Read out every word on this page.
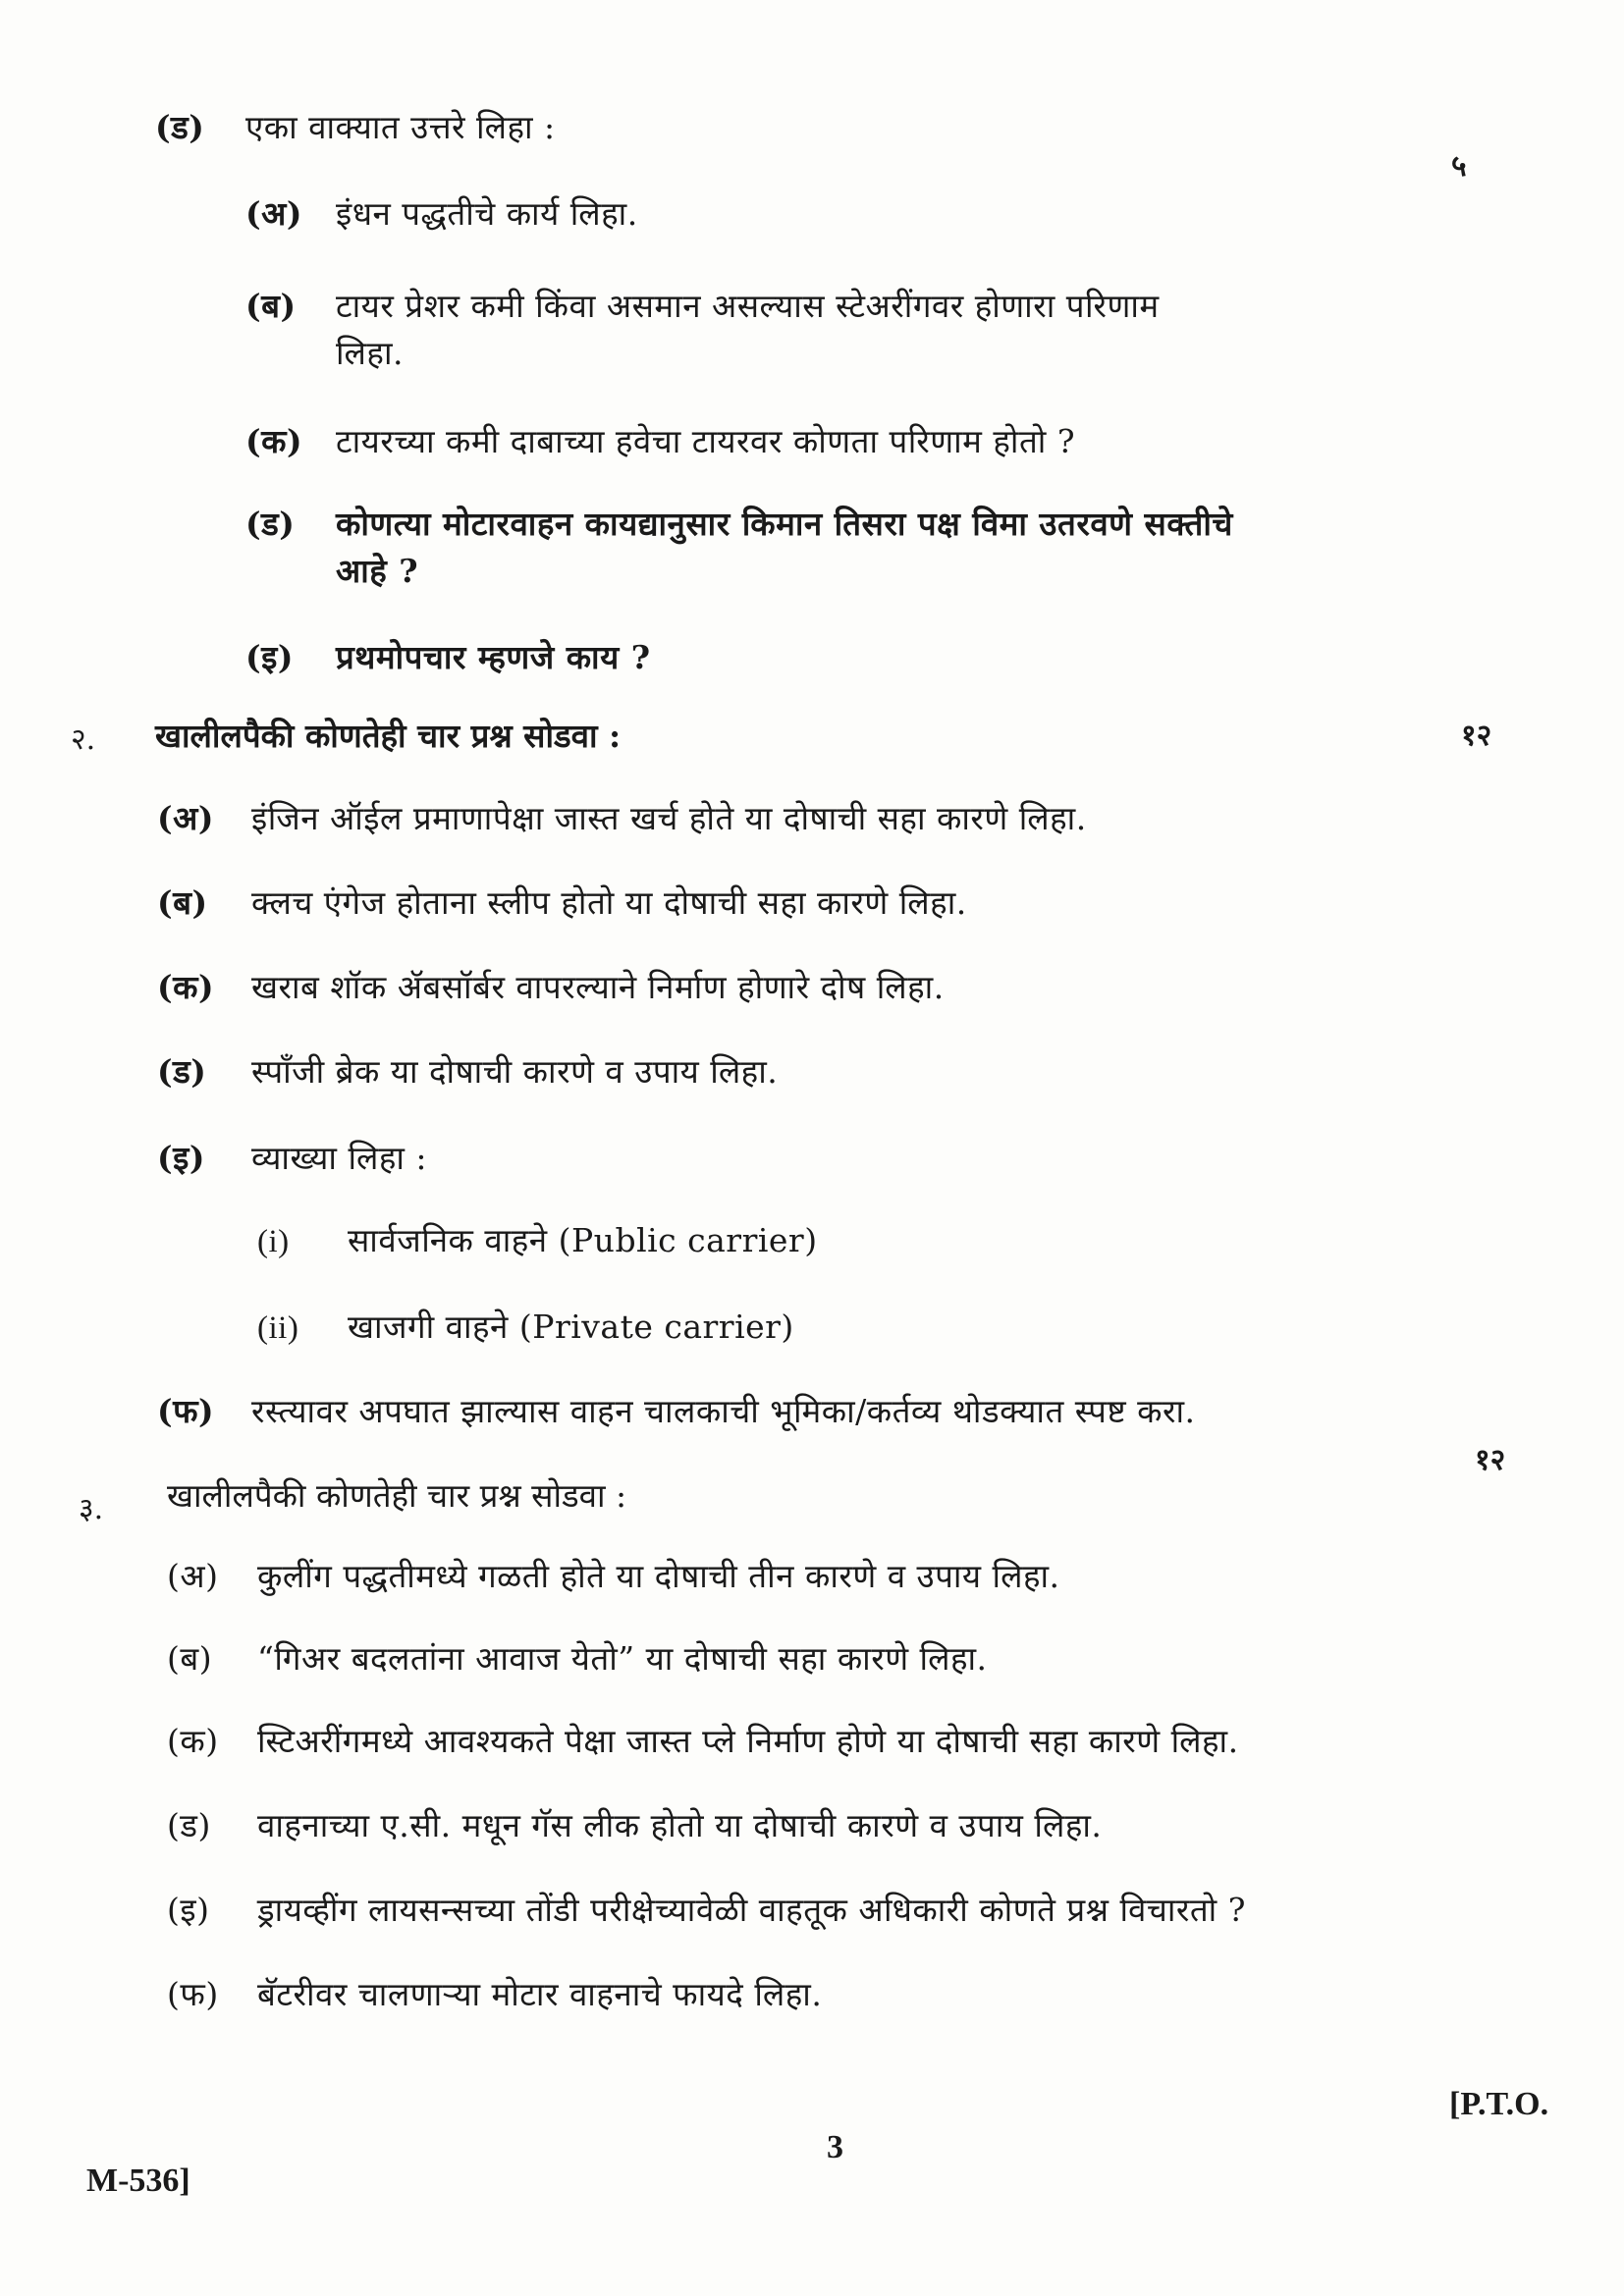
(ड) एका वाक्यात उत्तरे लिहा :
५
(अ) इंधन पद्धतीचे कार्य लिहा.
(ब) टायर प्रेशर कमी किंवा असमान असल्यास स्टेअरींगवर होणारा परिणाम
लिहा.
(क) टायरच्या कमी दाबाच्या हवेचा टायरवर कोणता परिणाम होतो ?
(ड) कोणत्या मोटारवाहन कायद्यानुसार किमान तिसरा पक्ष विमा उतरवणे सक्तीचे
आहे ?
(इ) प्रथमोपचार म्हणजे काय ?
२. खालीलपैकी कोणतेही चार प्रश्न सोडवा :	१२
(अ) इंजिन ऑईल प्रमाणापेक्षा जास्त खर्च होते या दोषाची सहा कारणे लिहा.
(ब) क्लच एंगेज होताना स्लीप होतो या दोषाची सहा कारणे लिहा.
(क) खराब शॉक ॲबसॉर्बर वापरल्याने निर्माण होणारे दोष लिहा.
(ड) स्पाँजी ब्रेक या दोषाची कारणे व उपाय लिहा.
(इ) व्याख्या लिहा :
(i) सार्वजनिक वाहने (Public carrier)
(ii) खाजगी वाहने (Private carrier)
(फ) रस्त्यावर अपघात झाल्यास वाहन चालकाची भूमिका/कर्तव्य थोडक्यात स्पष्ट करा.
१२
३. खालीलपैकी कोणतेही चार प्रश्न सोडवा :
(अ) कुलींग पद्धतीमध्ये गळती होते या दोषाची तीन कारणे व उपाय लिहा.
(ब) “गिअर बदलतांना आवाज येतो” या दोषाची सहा कारणे लिहा.
(क) स्टिअरींगमध्ये आवश्यकते पेक्षा जास्त प्ले निर्माण होणे या दोषाची सहा कारणे लिहा.
(ड) वाहनाच्या ए.सी. मधून गॅस लीक होतो या दोषाची कारणे व उपाय लिहा.
(इ) ड्रायव्हींग लायसन्सच्या तोंडी परीक्षेच्यावेळी वाहतूक अधिकारी कोणते प्रश्न विचारतो ?
(फ) बॅटरीवर चालणाऱ्या मोटार वाहनाचे फायदे लिहा.
[P.T.O.
3
M-536]
